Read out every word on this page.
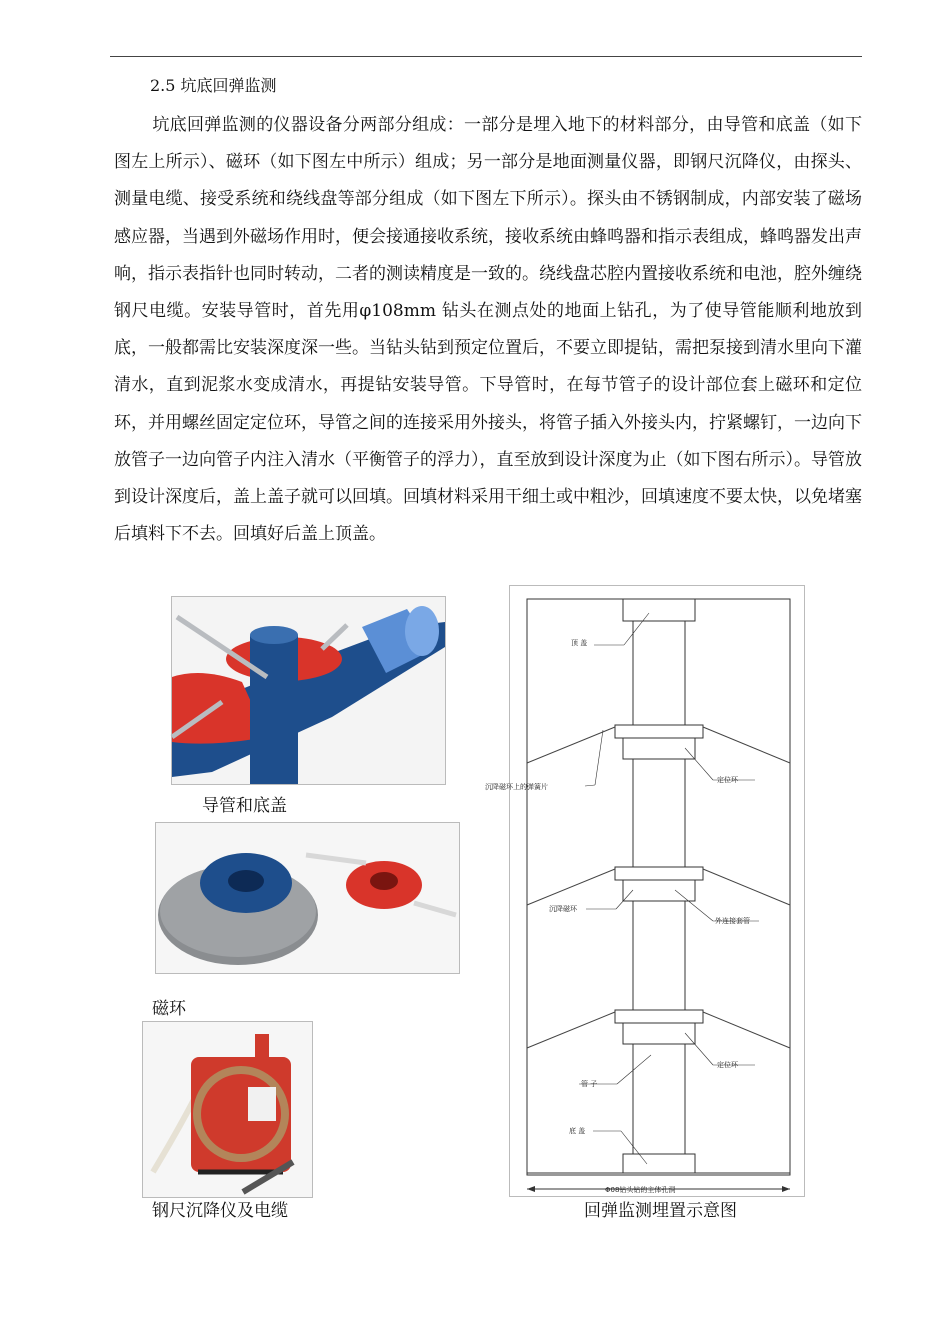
2.5 坑底回弹监测

坑底回弹监测的仪器设备分两部分组成：一部分是埋入地下的材料部分，由导管和底盖（如下图左上所示）、磁环（如下图左中所示）组成；另一部分是地面测量仪器，即钢尺沉降仪，由探头、测量电缆、接受系统和绕线盘等部分组成（如下图左下所示）。探头由不锈钢制成，内部安装了磁场感应器，当遇到外磁场作用时，便会接通接收系统，接收系统由蜂鸣器和指示表组成，蜂鸣器发出声响，指示表指针也同时转动，二者的测读精度是一致的。绕线盘芯腔内置接收系统和电池，腔外缠绕钢尺电缆。安装导管时，首先用φ108mm 钻头在测点处的地面上钻孔，为了使导管能顺利地放到底，一般都需比安装深度深一些。当钻头钻到预定位置后，不要立即提钻，需把泵接到清水里向下灌清水，直到泥浆水变成清水，再提钻安装导管。下导管时，在每节管子的设计部位套上磁环和定位环，并用螺丝固定定位环，导管之间的连接采用外接头，将管子插入外接头内，拧紧螺钉，一边向下放管子一边向管子内注入清水（平衡管子的浮力），直至放到设计深度为止（如下图右所示）。导管放到设计深度后，盖上盖子就可以回填。回填材料采用干细土或中粗沙，回填速度不要太快，以免堵塞后填料下不去。回填好后盖上顶盖。

导管和底盖
磁环
钢尺沉降仪及电缆
顶 盖
沉降磁环上的弹簧片
定位环
沉降磁环
外连接套管
定位环
管 子
底 盖
Φ08钻头钻的主体孔洞
回弹监测埋置示意图
